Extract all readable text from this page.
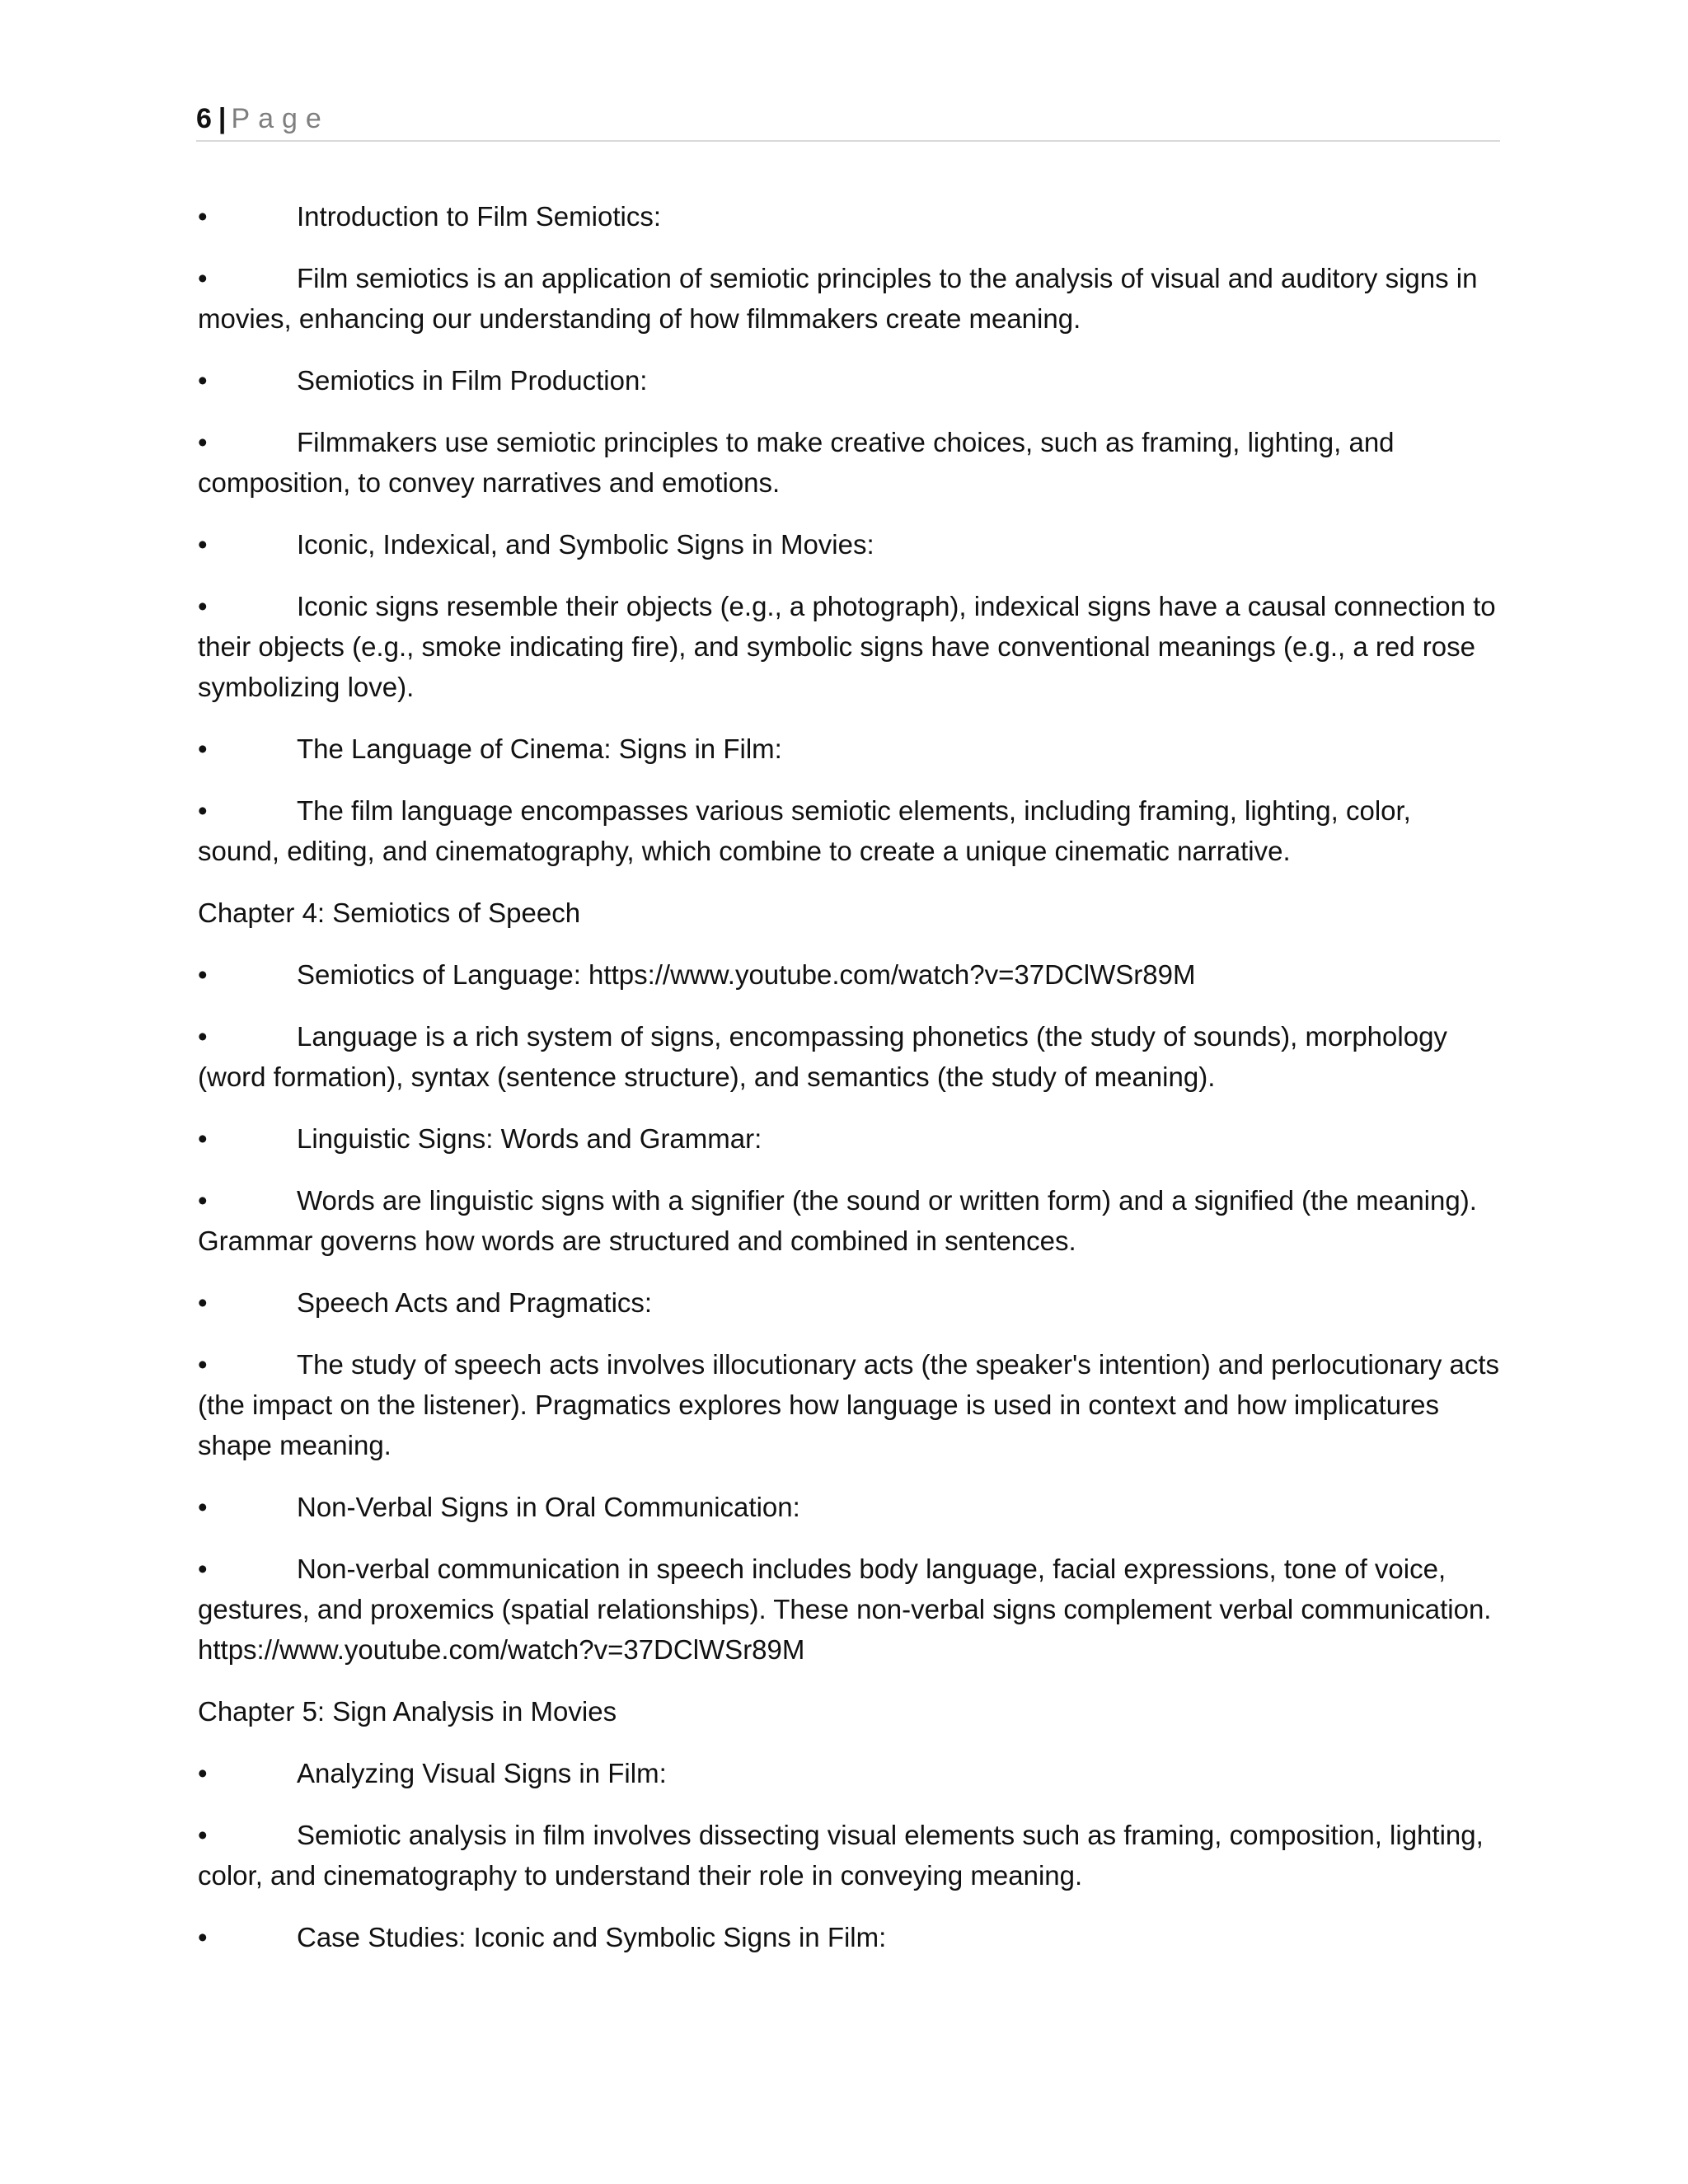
6 | Page

•	Introduction to Film Semiotics:

•	Film semiotics is an application of semiotic principles to the analysis of visual and auditory signs in movies, enhancing our understanding of how filmmakers create meaning.

•	Semiotics in Film Production:

•	Filmmakers use semiotic principles to make creative choices, such as framing, lighting, and composition, to convey narratives and emotions.

•	Iconic, Indexical, and Symbolic Signs in Movies:

•	Iconic signs resemble their objects (e.g., a photograph), indexical signs have a causal connection to their objects (e.g., smoke indicating fire), and symbolic signs have conventional meanings (e.g., a red rose symbolizing love).

•	The Language of Cinema: Signs in Film:

•	The film language encompasses various semiotic elements, including framing, lighting, color, sound, editing, and cinematography, which combine to create a unique cinematic narrative.

Chapter 4: Semiotics of Speech

•	Semiotics of Language: https://www.youtube.com/watch?v=37DClWSr89M

•	Language is a rich system of signs, encompassing phonetics (the study of sounds), morphology (word formation), syntax (sentence structure), and semantics (the study of meaning).

•	Linguistic Signs: Words and Grammar:

•	Words are linguistic signs with a signifier (the sound or written form) and a signified (the meaning). Grammar governs how words are structured and combined in sentences.

•	Speech Acts and Pragmatics:

•	The study of speech acts involves illocutionary acts (the speaker's intention) and perlocutionary acts (the impact on the listener). Pragmatics explores how language is used in context and how implicatures shape meaning.

•	Non-Verbal Signs in Oral Communication:

•	Non-verbal communication in speech includes body language, facial expressions, tone of voice, gestures, and proxemics (spatial relationships). These non-verbal signs complement verbal communication. https://www.youtube.com/watch?v=37DClWSr89M

Chapter 5: Sign Analysis in Movies

•	Analyzing Visual Signs in Film:

•	Semiotic analysis in film involves dissecting visual elements such as framing, composition, lighting, color, and cinematography to understand their role in conveying meaning.

•	Case Studies: Iconic and Symbolic Signs in Film:
